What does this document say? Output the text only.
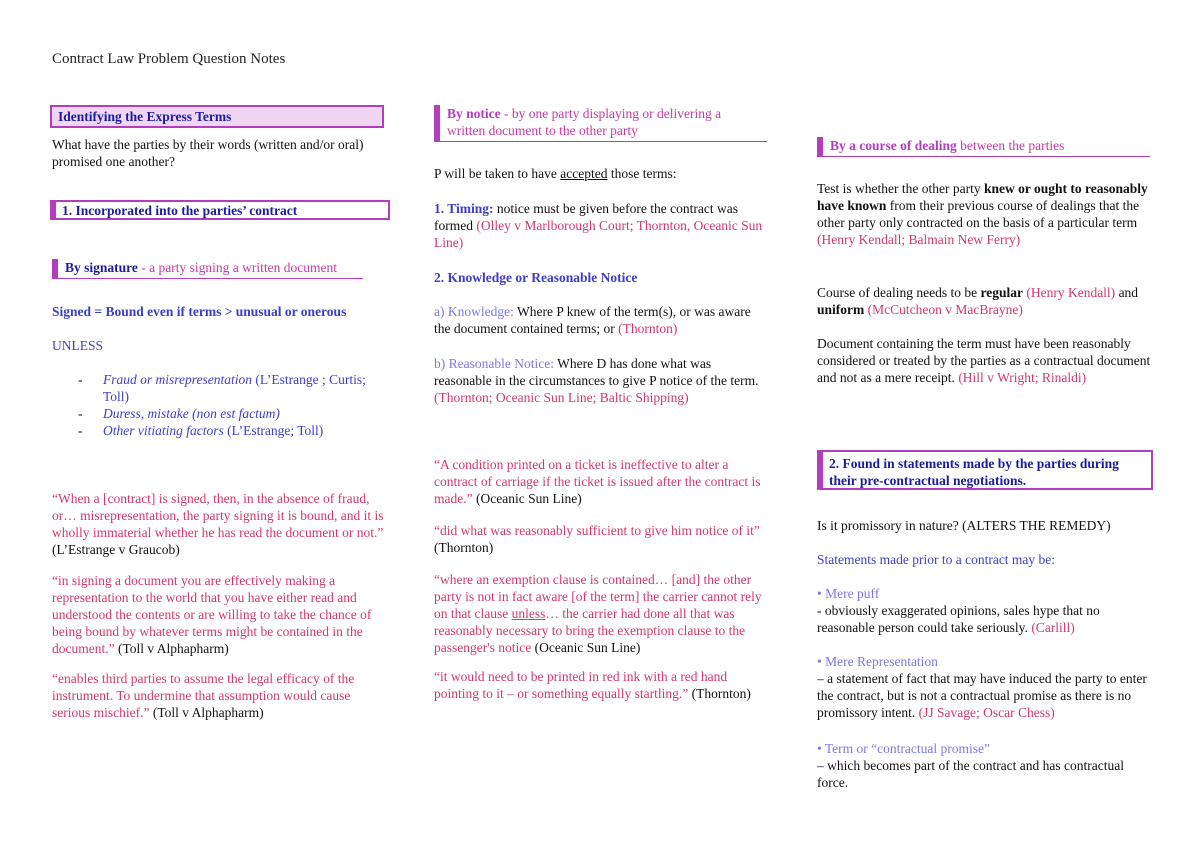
Contract Law Problem Question Notes
Identifying the Express Terms
What have the parties by their words (written and/or oral) promised one another?
1. Incorporated into the parties’ contract
By signature - a party signing a written document
Signed = Bound even if terms > unusual or onerous
UNLESS
- Fraud or misrepresentation (L’Estrange ; Curtis; Toll)
- Duress, mistake (non est factum)
- Other vitiating factors (L’Estrange; Toll)
“When a [contract] is signed, then, in the absence of fraud, or… misrepresentation, the party signing it is bound, and it is wholly immaterial whether he has read the document or not.” (L’Estrange v Graucob)
“in signing a document you are effectively making a representation to the world that you have either read and understood the contents or are willing to take the chance of being bound by whatever terms might be contained in the document.” (Toll v Alphapharm)
“enables third parties to assume the legal efficacy of the instrument. To undermine that assumption would cause serious mischief.” (Toll v Alphapharm)
By notice - by one party displaying or delivering a written document to the other party
P will be taken to have accepted those terms:
1. Timing: notice must be given before the contract was formed (Olley v Marlborough Court; Thornton, Oceanic Sun Line)
2. Knowledge or Reasonable Notice
a) Knowledge: Where P knew of the term(s), or was aware the document contained terms; or (Thornton)
b) Reasonable Notice: Where D has done what was reasonable in the circumstances to give P notice of the term. (Thornton; Oceanic Sun Line; Baltic Shipping)
“A condition printed on a ticket is ineffective to alter a contract of carriage if the ticket is issued after the contract is made.” (Oceanic Sun Line)
“did what was reasonably sufficient to give him notice of it” (Thornton)
“where an exemption clause is contained… [and] the other party is not in fact aware [of the term] the carrier cannot rely on that clause unless… the carrier had done all that was reasonably necessary to bring the exemption clause to the passenger's notice (Oceanic Sun Line)
“it would need to be printed in red ink with a red hand pointing to it – or something equally startling.” (Thornton)
By a course of dealing between the parties
Test is whether the other party knew or ought to reasonably have known from their previous course of dealings that the other party only contracted on the basis of a particular term (Henry Kendall; Balmain New Ferry)
Course of dealing needs to be regular (Henry Kendall) and uniform (McCutcheon v MacBrayne)
Document containing the term must have been reasonably considered or treated by the parties as a contractual document and not as a mere receipt. (Hill v Wright; Rinaldi)
2. Found in statements made by the parties during their pre-contractual negotiations.
Is it promissory in nature? (ALTERS THE REMEDY)
Statements made prior to a contract may be:
• Mere puff
- obviously exaggerated opinions, sales hype that no reasonable person could take seriously. (Carlill)
• Mere Representation
– a statement of fact that may have induced the party to enter the contract, but is not a contractual promise as there is no promissory intent. (JJ Savage; Oscar Chess)
• Term or “contractual promise”
– which becomes part of the contract and has contractual force.
